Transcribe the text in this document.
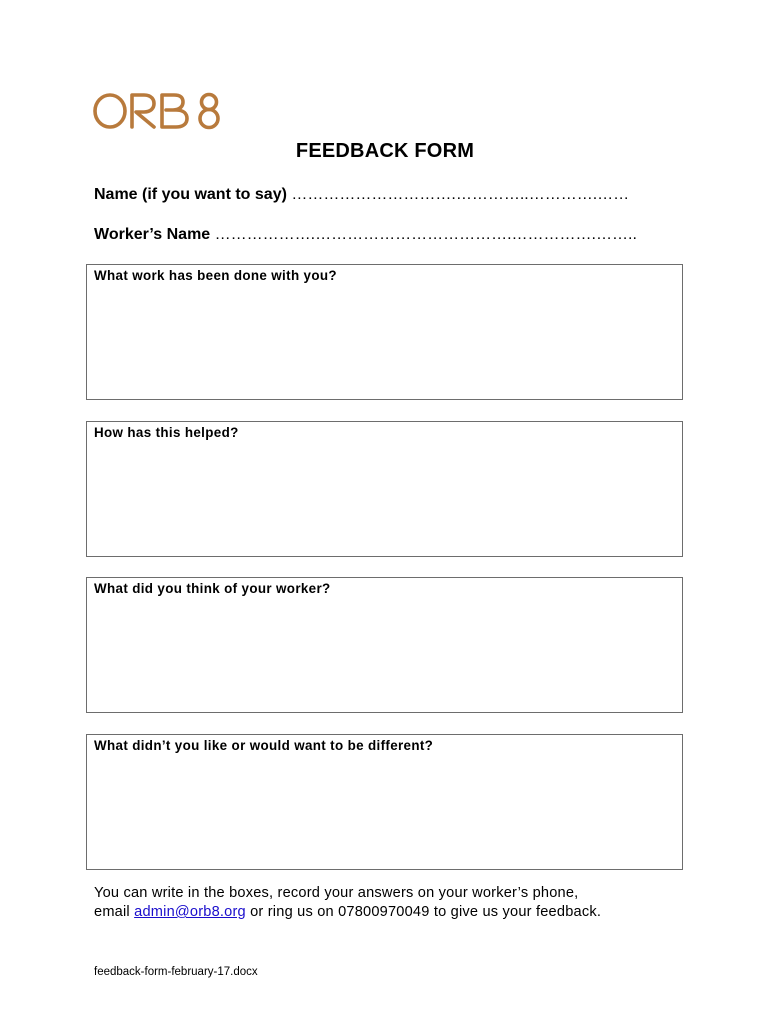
FEEDBACK FORM
Name (if you want to say) ………………………….…………..………….……
Worker’s Name ……………….……………………………….…………….……..
What work has been done with you?
How has this helped?
What did you think of your worker?
What didn’t you like or would want to be different?
You can write in the boxes, record your answers on your worker’s phone,
email admin@orb8.org or ring us on 07800970049 to give us your feedback.
feedback-form-february-17.docx
